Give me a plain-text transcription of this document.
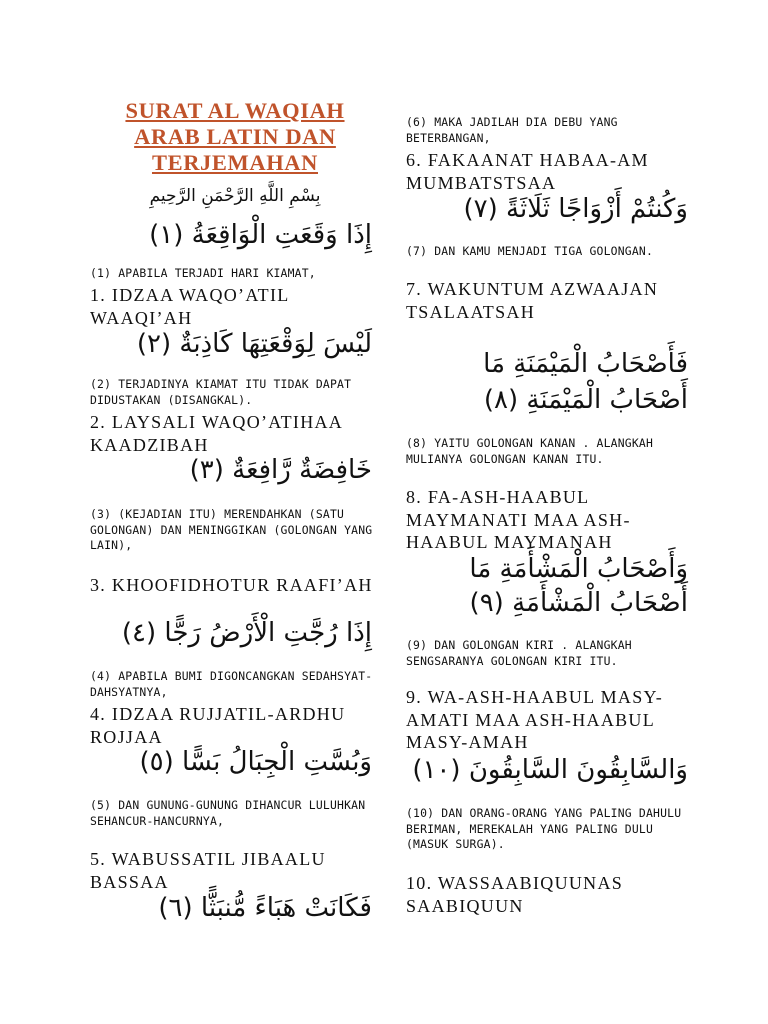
SURAT AL WAQIAH
ARAB LATIN DAN
TERJEMAHAN
بِسْمِ اللَّهِ الرَّحْمَنِ الرَّحِيمِ
إِذَا وَقَعَتِ الْوَاقِعَةُ (١)
(1) APABILA TERJADI HARI KIAMAT,
1. IDZAA WAQO’ATIL WAAQI’AH
لَيْسَ لِوَقْعَتِهَا كَاذِبَةٌ (٢)
(2) TERJADINYA KIAMAT ITU TIDAK DAPAT DIDUSTAKAN (DISANGKAL).
2. LAYSALI WAQO’ATIHAA KAADZIBAH
خَافِضَةٌ رَّافِعَةٌ (٣)
(3) (KEJADIAN ITU) MERENDAHKAN (SATU GOLONGAN) DAN MENINGGIKAN (GOLONGAN YANG LAIN),
3. KHOOFIDHOTUR RAAFI’AH
إِذَا رُجَّتِ الْأَرْضُ رَجًّا (٤)
(4) APABILA BUMI DIGONCANGKAN SEDAHSYAT-DAHSYATNYA,
4. IDZAA RUJJATIL-ARDHU ROJJAA
وَبُسَّتِ الْجِبَالُ بَسًّا (٥)
(5) DAN GUNUNG-GUNUNG DIHANCUR LULUHKAN SEHANCUR-HANCURNYA,
5. WABUSSATIL JIBAALU BASSAA
فَكَانَتْ هَبَاءً مُّنبَثًّا (٦)
(6) MAKA JADILAH DIA DEBU YANG BETERBANGAN,
6. FAKAANAT HABAA-AM MUMBATSTSAA
وَكُنتُمْ أَزْوَاجًا ثَلَاثَةً (٧)
(7) DAN KAMU MENJADI TIGA GOLONGAN.
7. WAKUNTUM AZWAAJAN TSALAATSAH
فَأَصْحَابُ الْمَيْمَنَةِ مَا
أَصْحَابُ الْمَيْمَنَةِ (٨)
(8) YAITU GOLONGAN KANAN . ALANGKAH MULIANYA GOLONGAN KANAN ITU.
8. FA-ASH-HAABUL MAYMANATI MAA ASH-HAABUL MAYMANAH
وَأَصْحَابُ الْمَشْأَمَةِ مَا
أَصْحَابُ الْمَشْأَمَةِ (٩)
(9) DAN GOLONGAN KIRI . ALANGKAH SENGSARANYA GOLONGAN KIRI ITU.
9. WA-ASH-HAABUL MASY-AMATI MAA ASH-HAABUL MASY-AMAH
وَالسَّابِقُونَ السَّابِقُونَ (١٠)
(10) DAN ORANG-ORANG YANG PALING DAHULU BERIMAN, MEREKALAH YANG PALING DULU (MASUK SURGA).
10. WASSAABIQUUNAS SAABIQUUN
